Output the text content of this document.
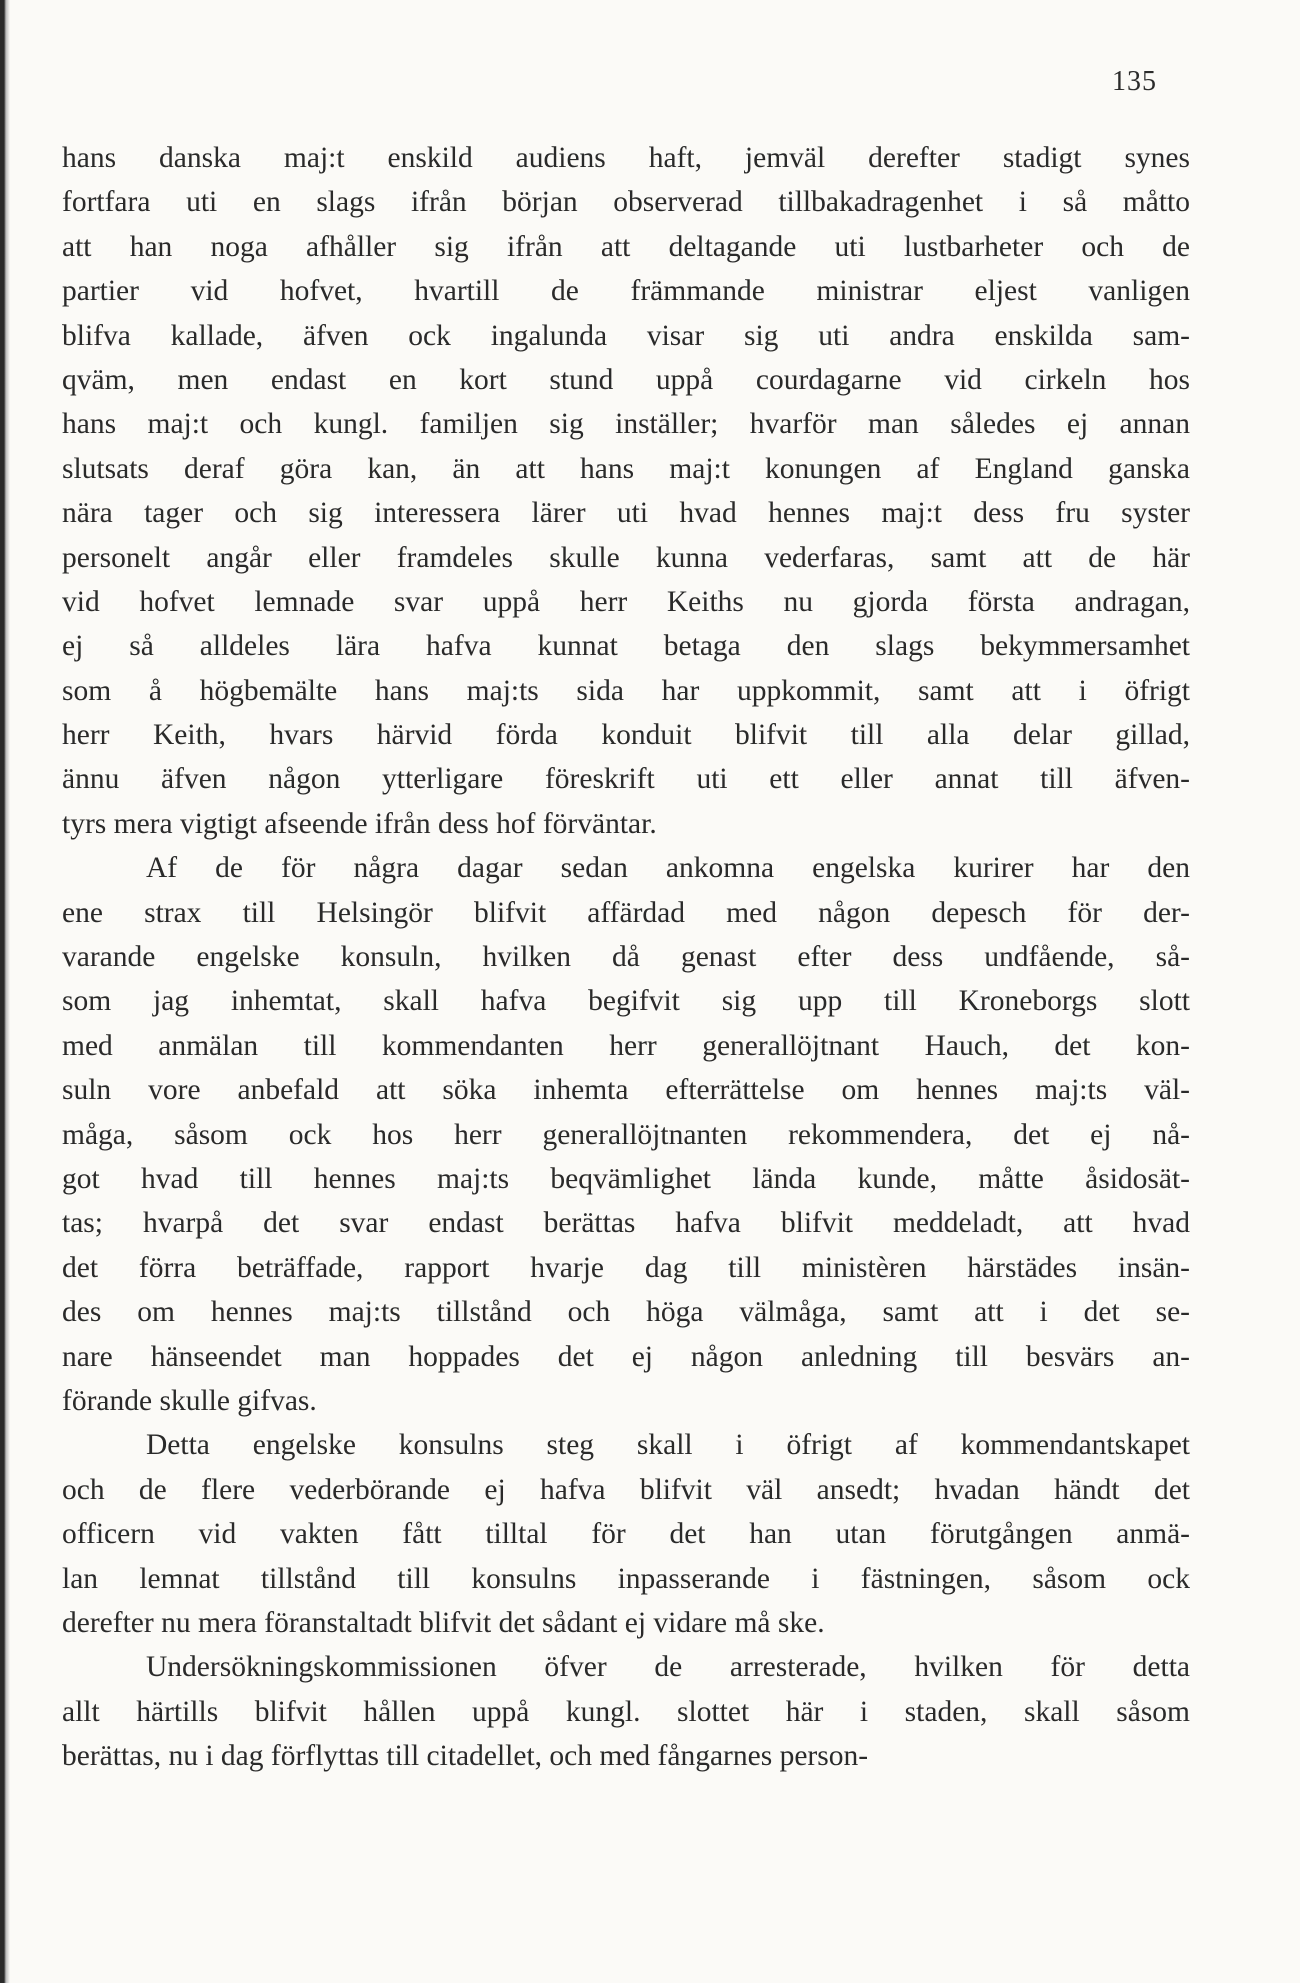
135
hans danska maj:t enskild audiens haft, jemväl derefter stadigt synes
fortfara uti en slags ifrån början observerad tillbakadragenhet i så måtto
att han noga afhåller sig ifrån att deltagande uti lustbarheter och de
partier vid hofvet, hvartill de främmande ministrar eljest vanligen
blifva kallade, äfven ock ingalunda visar sig uti andra enskilda sam-
qväm, men endast en kort stund uppå courdagarne vid cirkeln hos
hans maj:t och kungl. familjen sig inställer; hvarför man således ej annan
slutsats deraf göra kan, än att hans maj:t konungen af England ganska
nära tager och sig interessera lärer uti hvad hennes maj:t dess fru syster
personelt angår eller framdeles skulle kunna vederfaras, samt att de här
vid hofvet lemnade svar uppå herr Keiths nu gjorda första andragan,
ej så alldeles lära hafva kunnat betaga den slags bekymmersamhet
som å högbemälte hans maj:ts sida har uppkommit, samt att i öfrigt
herr Keith, hvars härvid förda konduit blifvit till alla delar gillad,
ännu äfven någon ytterligare föreskrift uti ett eller annat till äfven-
tyrs mera vigtigt afseende ifrån dess hof förväntar.
Af de för några dagar sedan ankomna engelska kurirer har den
ene strax till Helsingör blifvit affärdad med någon depesch för der-
varande engelske konsuln, hvilken då genast efter dess undfående, så-
som jag inhemtat, skall hafva begifvit sig upp till Kroneborgs slott
med anmälan till kommendanten herr generallöjtnant Hauch, det kon-
suln vore anbefald att söka inhemta efterrättelse om hennes maj:ts väl-
måga, såsom ock hos herr generallöjtnanten rekommendera, det ej nå-
got hvad till hennes maj:ts beqvämlighet lända kunde, måtte åsidosät-
tas; hvarpå det svar endast berättas hafva blifvit meddeladt, att hvad
det förra beträffade, rapport hvarje dag till ministèren härstädes insän-
des om hennes maj:ts tillstånd och höga välmåga, samt att i det se-
nare hänseendet man hoppades det ej någon anledning till besvärs an-
förande skulle gifvas.
Detta engelske konsulns steg skall i öfrigt af kommendantskapet
och de flere vederbörande ej hafva blifvit väl ansedt; hvadan händt det
officern vid vakten fått tilltal för det han utan förutgången anmä-
lan lemnat tillstånd till konsulns inpasserande i fästningen, såsom ock
derefter nu mera föranstaltadt blifvit det sådant ej vidare må ske.
Undersökningskommissionen öfver de arresterade, hvilken för detta
allt härtills blifvit hållen uppå kungl. slottet här i staden, skall såsom
berättas, nu i dag förflyttas till citadellet, och med fångarnes person-
